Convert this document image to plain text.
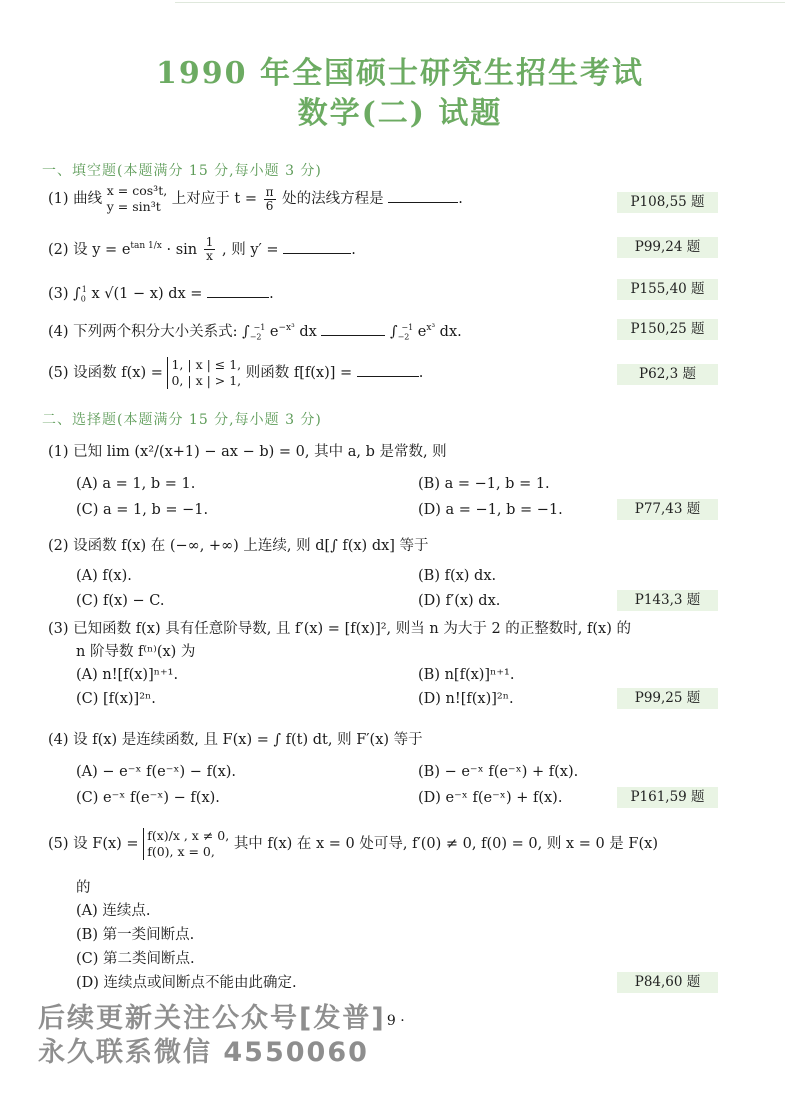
1990 年全国硕士研究生招生考试
数学(二) 试题
一、填空题(本题满分 15 分,每小题 3 分)
(1) 曲线
x = cos³t,
y = sin³t 上对应于 $t = \frac{\pi}{6}$ 处的法线方程是	.	P108,55 题
(2) 设 $y = e^{tan 1/x} \cdot \sin \frac{1}{x}$ , 则 y′ =	.	P99,24 题
(3) $\int_0^1$ x √(1 − x) dx =	.	P155,40 题
(4) 下列两个积分大小关系式: $\int_{-2}^{-1}$ $e^{-x^3}$ dx	$\int_{-2}^{-1}$ $e^{x^3}$ dx.	P150,25 题
(5) 设函数 f(x) =
1, | x | ≤ 1,
0, | x | > 1, 则函数 f[f(x)] =	.	P62,3 题
二、选择题(本题满分 15 分,每小题 3 分)
(1) 已知 lim (x²/(x+1) − ax − b) = 0, 其中 a, b 是常数, 则
(A) a = 1, b = 1.	(B) a = −1, b = 1.
(C) a = 1, b = −1.	(D) a = −1, b = −1.	P77,43 题
(2) 设函数 f(x) 在 (−∞, +∞) 上连续, 则 d[∫ f(x) dx] 等于
(A) f(x).	(B) f(x) dx.
(C) f(x) − C.	(D) f′(x) dx.	P143,3 题
(3) 已知函数 f(x) 具有任意阶导数, 且 f′(x) = [f(x)]², 则当 n 为大于 2 的正整数时, f(x) 的
n 阶导数 f⁽ⁿ⁾(x) 为
(A) n![f(x)]ⁿ⁺¹.	(B) n[f(x)]ⁿ⁺¹.
(C) [f(x)]²ⁿ.	(D) n![f(x)]²ⁿ.	P99,25 题
(4) 设 f(x) 是连续函数, 且 F(x) = ∫ f(t) dt, 则 F′(x) 等于
(A) − e⁻ˣ f(e⁻ˣ) − f(x).	(B) − e⁻ˣ f(e⁻ˣ) + f(x).
(C) e⁻ˣ f(e⁻ˣ) − f(x).	(D) e⁻ˣ f(e⁻ˣ) + f(x).	P161,59 题
(5) 设 F(x) =
f(x)/x , x ≠ 0,
f(0), x = 0,	其中 f(x) 在 x = 0 处可导, f′(0) ≠ 0, f(0) = 0, 则 x = 0 是 F(x)
的
(A) 连续点.
(B) 第一类间断点.
(C) 第二类间断点.
(D) 连续点或间断点不能由此确定.	P84,60 题
· 9 ·
后续更新关注公众号[发普]
永久联系微信 4550060
